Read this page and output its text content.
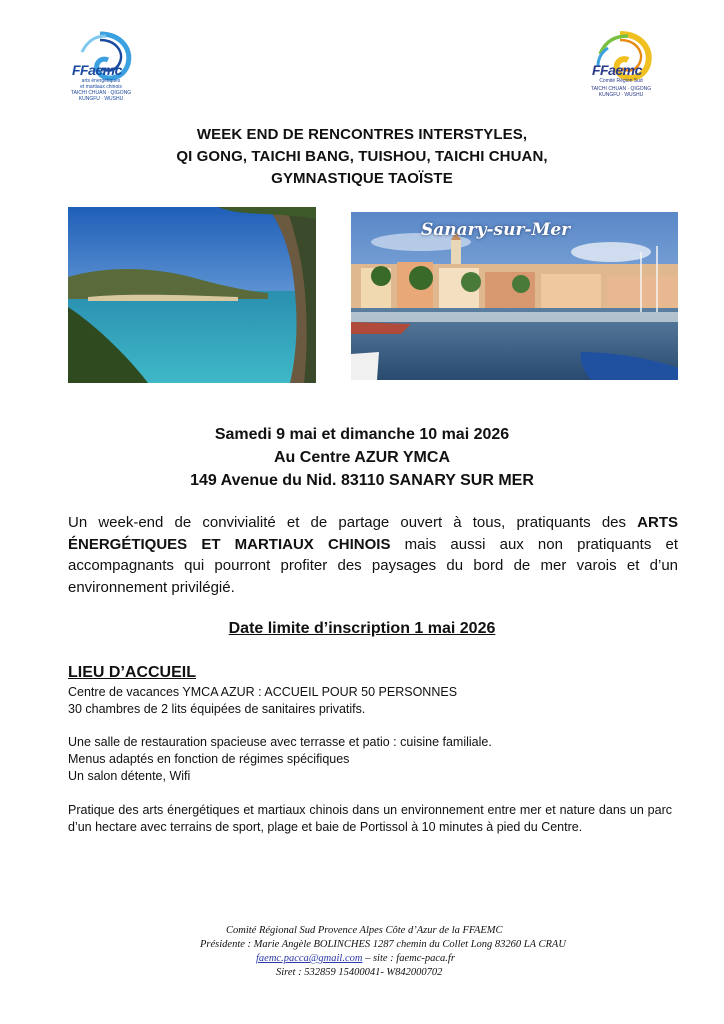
FFaemc
arts énergétiques
et martiaux chinois
TAICHI CHUAN · QIGONG
KUNGFU · WUSHU
FFaemc
Comité Région Sud
TAICHI CHUAN · QIGONG
KUNGFU · WUSHU
WEEK END DE RENCONTRES INTERSTYLES,
QI GONG, TAICHI BANG, TUISHOU, TAICHI CHUAN,
GYMNASTIQUE TAOÏSTE
Sanary-sur-Mer
Samedi 9 mai et dimanche 10 mai 2026
Au Centre AZUR YMCA
149 Avenue du Nid. 83110 SANARY SUR MER
Un week-end de convivialité et de partage ouvert à tous, pratiquants des ARTS ÉNERGÉTIQUES ET MARTIAUX CHINOIS mais aussi aux non pratiquants et accompagnants qui pourront profiter des paysages du bord de mer varois et d’un environnement privilégié.
Date limite d’inscription 1 mai 2026
LIEU D’ACCUEIL
Centre de vacances YMCA AZUR : ACCUEIL POUR 50 PERSONNES
30 chambres de 2 lits équipées de sanitaires privatifs.
Une salle de restauration spacieuse avec terrasse et patio : cuisine familiale.
Menus adaptés en fonction de régimes spécifiques
Un salon détente, Wifi
Pratique des arts énergétiques et martiaux chinois dans un environnement entre mer et nature dans un parc d’un hectare avec terrains de sport, plage et baie de Portissol à 10 minutes à pied du Centre.
Comité Régional Sud Provence Alpes Côte d’Azur de la FFAEMC
Présidente : Marie Angèle BOLINCHES 1287 chemin du Collet Long 83260 LA CRAU
faemc.pacca@gmail.com – site : faemc-paca.fr
Siret : 532859 15400041- W842000702
